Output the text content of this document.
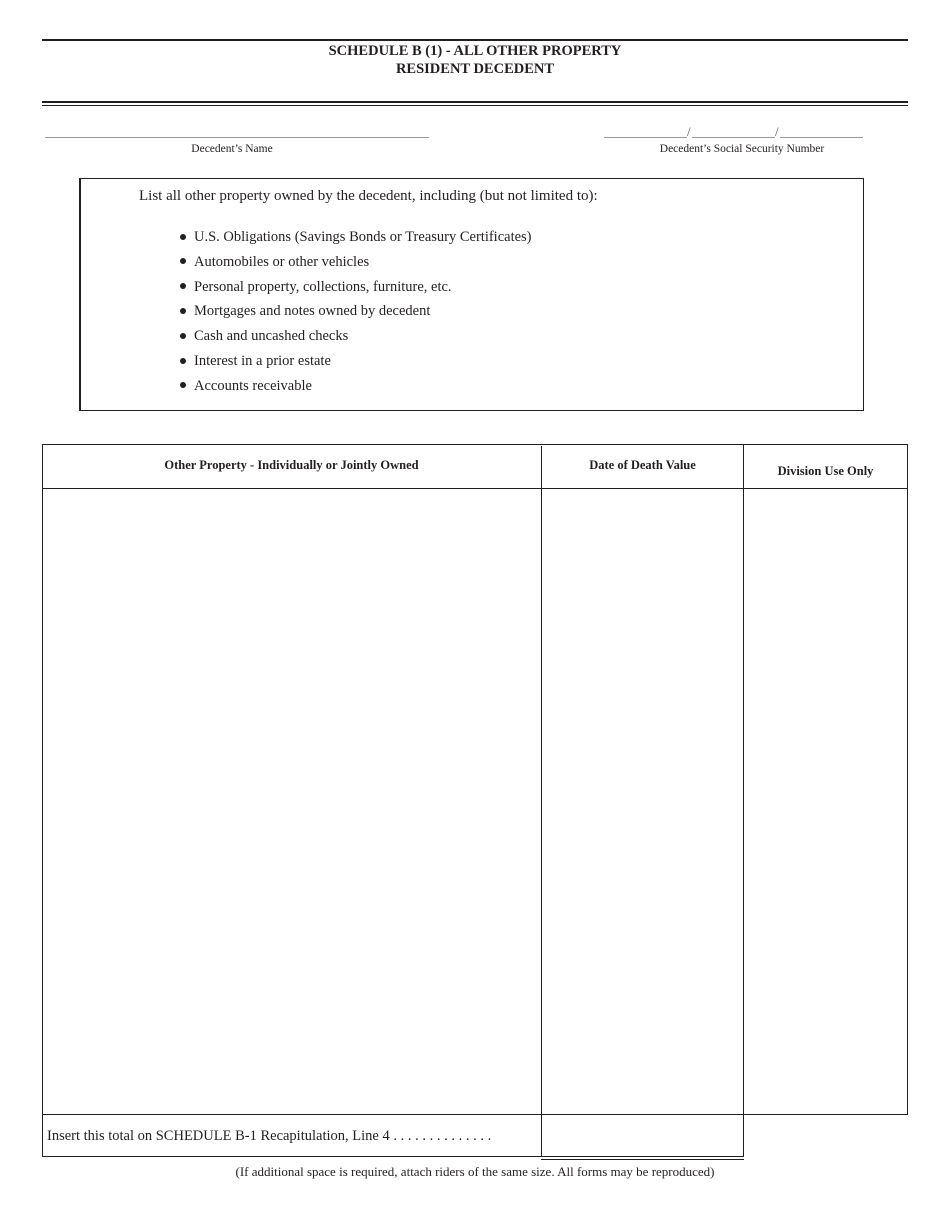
SCHEDULE B (1) - ALL OTHER PROPERTY
RESIDENT DECEDENT
Decedent’s Name
/	/
Decedent’s Social Security Number
List all other property owned by the decedent, including (but not limited to):
U.S. Obligations (Savings Bonds or Treasury Certificates)
Automobiles or other vehicles
Personal property, collections, furniture, etc.
Mortgages and notes owned by decedent
Cash and uncashed checks
Interest in a prior estate
Accounts receivable
Other Property - Individually or Jointly Owned	Date of Death Value	Division Use Only
Insert this total on SCHEDULE B-1 Recapitulation, Line 4 . . . . . . . . . . . . . .
(If additional space is required, attach riders of the same size. All forms may be reproduced)
